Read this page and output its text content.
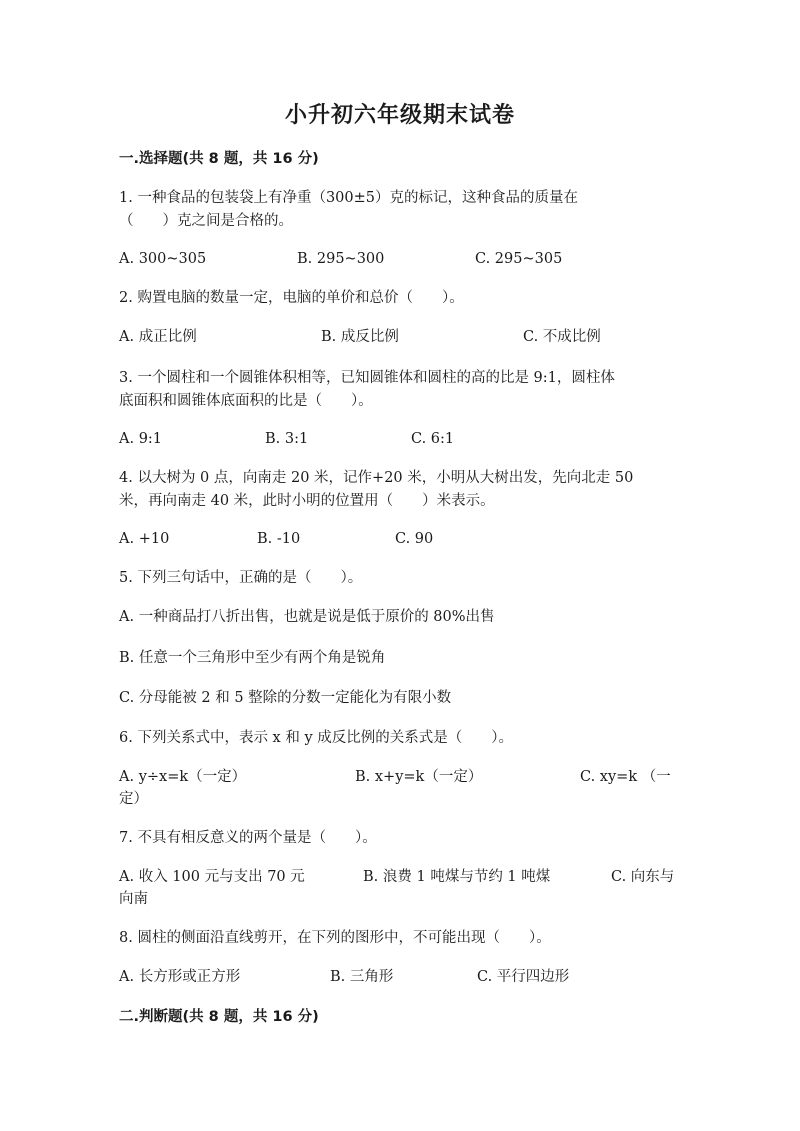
小升初六年级期末试卷
一.选择题(共 8 题，共 16 分)
1. 一种食品的包装袋上有净重（300±5）克的标记，这种食品的质量在
（　　）克之间是合格的。
A. 300~305	B. 295~300	C. 295~305
2. 购置电脑的数量一定，电脑的单价和总价（　　）。
A. 成正比例	B. 成反比例	C. 不成比例
3. 一个圆柱和一个圆锥体积相等，已知圆锥体和圆柱的高的比是 9:1，圆柱体
底面积和圆锥体底面积的比是（　　）。
A. 9:1	B. 3:1	C. 6:1
4. 以大树为 0 点，向南走 20 米，记作+20 米，小明从大树出发，先向北走 50
米，再向南走 40 米，此时小明的位置用（　　）米表示。
A. +10	B. -10	C. 90
5. 下列三句话中，正确的是（　　）。
A. 一种商品打八折出售，也就是说是低于原价的 80%出售
B. 任意一个三角形中至少有两个角是锐角
C. 分母能被 2 和 5 整除的分数一定能化为有限小数
6. 下列关系式中，表示 x 和 y 成反比例的关系式是（　　）。
A. y÷x=k（一定）	B. x+y=k（一定）	C. xy=k （一
定）
7. 不具有相反意义的两个量是（　　）。
A. 收入 100 元与支出 70 元	B. 浪费 1 吨煤与节约 1 吨煤	C. 向东与
向南
8. 圆柱的侧面沿直线剪开，在下列的图形中，不可能出现（　　）。
A. 长方形或正方形	B. 三角形	C. 平行四边形
二.判断题(共 8 题，共 16 分)
